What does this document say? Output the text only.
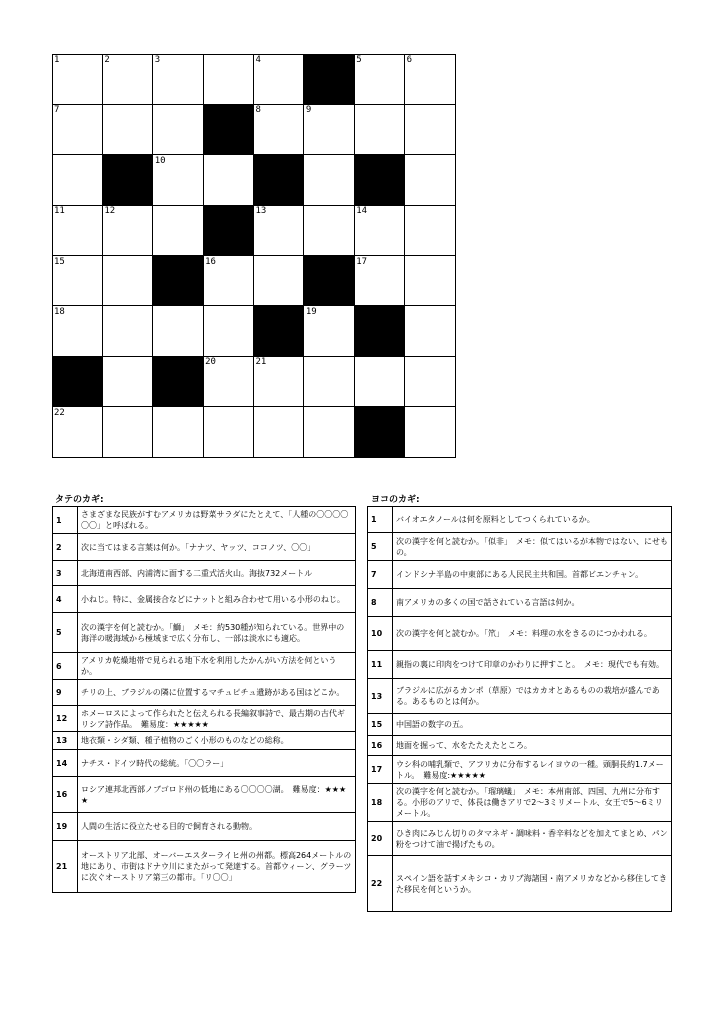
1	2	3	4	5	6
7	8	9
10
11	12	13	14
15	16	17
18	19
20	21
22
タテのカギ:	ヨコのカギ:
1	さまざまな民族がすむアメリカは野菜サラダにたとえて、「人種の〇〇〇〇〇〇」と呼ばれる。
2	次に当てはまる言葉は何か。「ナナツ、ヤッツ、ココノツ、〇〇」
3	北海道南西部、内浦湾に面する二重式活火山。海抜732メートル
4	小ねじ。特に、金属接合などにナットと組み合わせて用いる小形のねじ。
5	次の漢字を何と読むか。「鰤」　メモ：約530種が知られている。世界中の海洋の暖海域から極域まで広く分布し、一部は淡水にも適応。
6	アメリカ乾燥地帯で見られる地下水を利用したかんがい方法を何というか。
9	チリの上、ブラジルの隣に位置するマチュピチュ遺跡がある国はどこか。
12	ホメーロスによって作られたと伝えられる長編叙事詩で、最古期の古代ギリシア詩作品。　難易度：★★★★★
13	地衣類・シダ類、種子植物のごく小形のものなどの総称。
14	ナチス・ドイツ時代の総統。「〇〇ラー」
16	ロシア連邦北西部ノブゴロド州の低地にある〇〇〇〇湖。　難易度：★★★★
19	人間の生活に役立たせる目的で飼育される動物。
21	オーストリア北部、オーバーエスターライヒ州の州都。標高264メートルの地にあり、市街はドナウ川にまたがって発達する。首都ウィーン、グラーツに次ぐオーストリア第三の都市。「リ〇〇」
1	バイオエタノールは何を原料としてつくられているか。
5	次の漢字を何と読むか。「似非」　メモ：似てはいるが本物ではない、にせもの。
7	インドシナ半島の中東部にある人民民主共和国。首都ビエンチャン。
8	南アメリカの多くの国で話されている言語は何か。
10	次の漢字を何と読むか。「笊」　メモ：料理の水をきるのにつかわれる。
11	親指の裏に印肉をつけて印章のかわりに押すこと。　メモ：現代でも有効。
13	ブラジルに広がるカンポ（草原）ではカカオとあるものの栽培が盛んである。あるものとは何か。
15	中国語の数字の五。
16	地面を掘って、水をたたえたところ。
17	ウシ科の哺乳類で、アフリカに分布するレイヨウの一種。頭胴長約1.7メートル。　難易度:★★★★★
18	次の漢字を何と読むか。「瑠璃蟻」　メモ：本州南部、四国、九州に分布する。小形のアリで、体長は働きアリで2〜3ミリメートル、女王で5〜6ミリメートル。
20	ひき肉にみじん切りのタマネギ・調味料・香辛料などを加えてまとめ、パン粉をつけて油で揚げたもの。
22	スペイン語を話すメキシコ・カリブ海諸国・南アメリカなどから移住してきた移民を何というか。
